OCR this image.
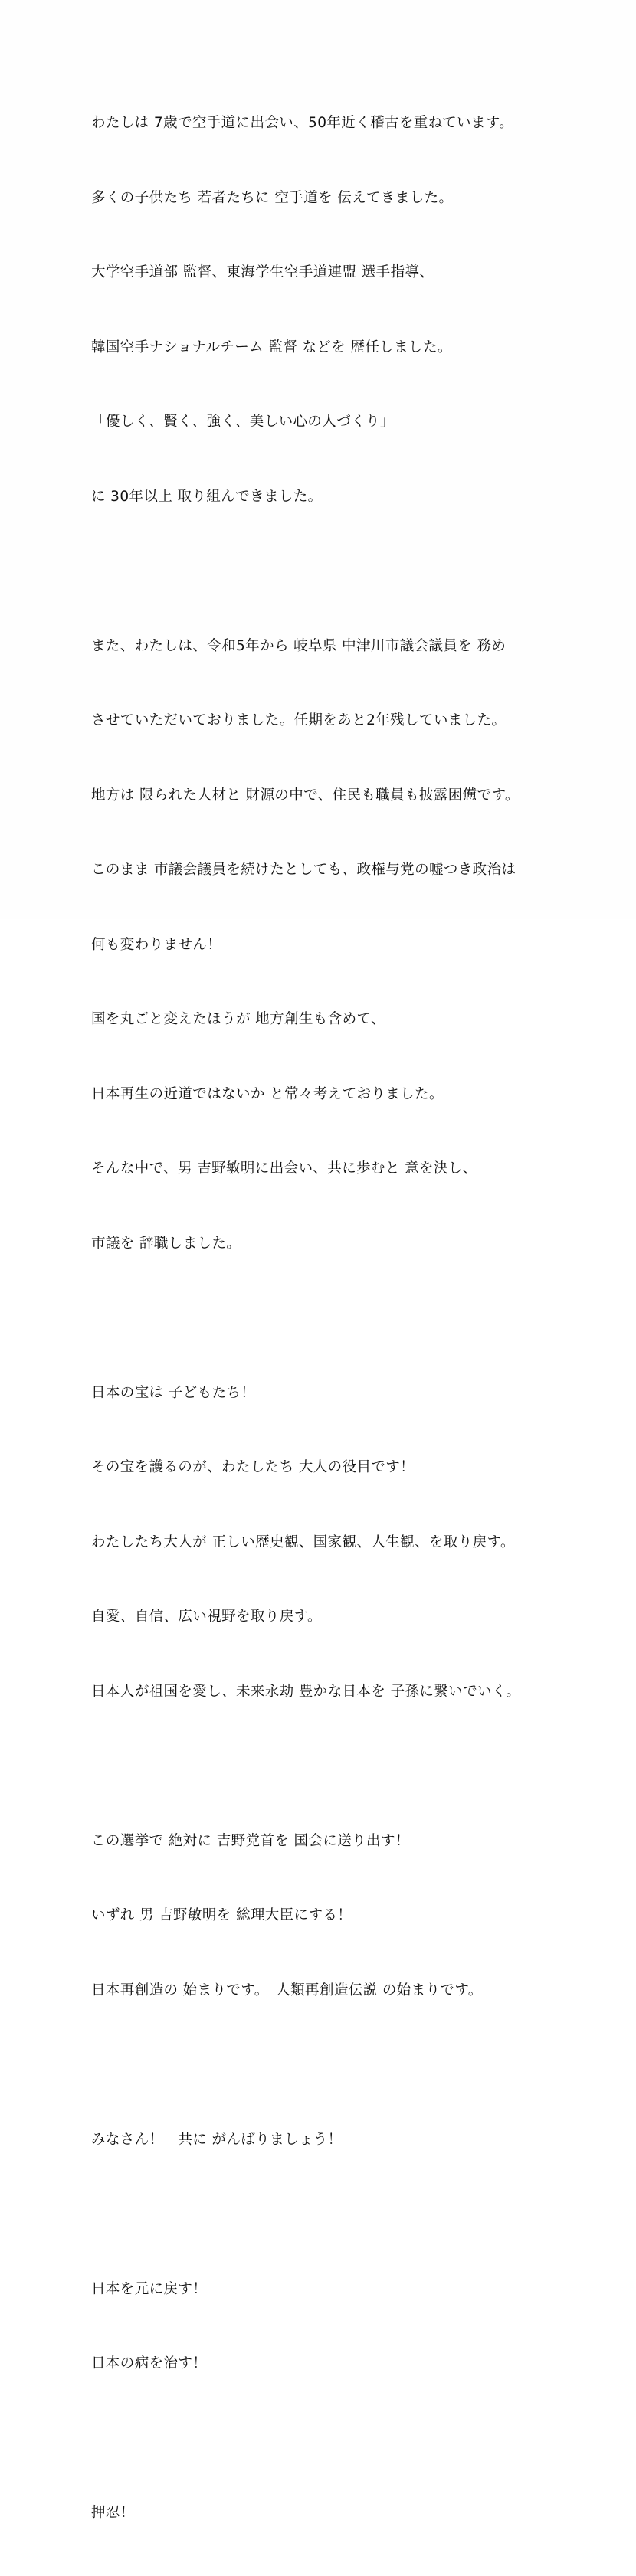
わたしは 7歳で空手道に出会い、50年近く稽古を重ねています。

多くの子供たち 若者たちに 空手道を 伝えてきました。

大学空手道部 監督、東海学生空手道連盟 選手指導、

韓国空手ナショナルチーム 監督 などを 歴任しました。

「優しく、賢く、強く、美しい心の人づくり」

に 30年以上 取り組んできました。

また、わたしは、令和5年から 岐阜県 中津川市議会議員を 務め

させていただいておりました。任期をあと2年残していました。

地方は 限られた人材と 財源の中で、住民も職員も披露困憊です。

このまま 市議会議員を続けたとしても、政権与党の嘘つき政治は

何も変わりません！

国を丸ごと変えたほうが 地方創生も含めて、

日本再生の近道ではないか と常々考えておりました。

そんな中で、男 吉野敏明に出会い、共に歩むと 意を決し、

市議を 辞職しました。

日本の宝は 子どもたち！

その宝を護るのが、わたしたち 大人の役目です！

わたしたち大人が 正しい歴史観、国家観、人生観、を取り戻す。

自愛、自信、広い視野を取り戻す。

日本人が祖国を愛し、未来永劫 豊かな日本を 子孫に繋いでいく。

この選挙で 絶対に 吉野党首を 国会に送り出す！

いずれ 男 吉野敏明を 総理大臣にする！

日本再創造の 始まりです。　人類再創造伝説 の始まりです。

みなさん！　共に がんばりましょう！

日本を元に戻す！

日本の病を治す！

押忍！
